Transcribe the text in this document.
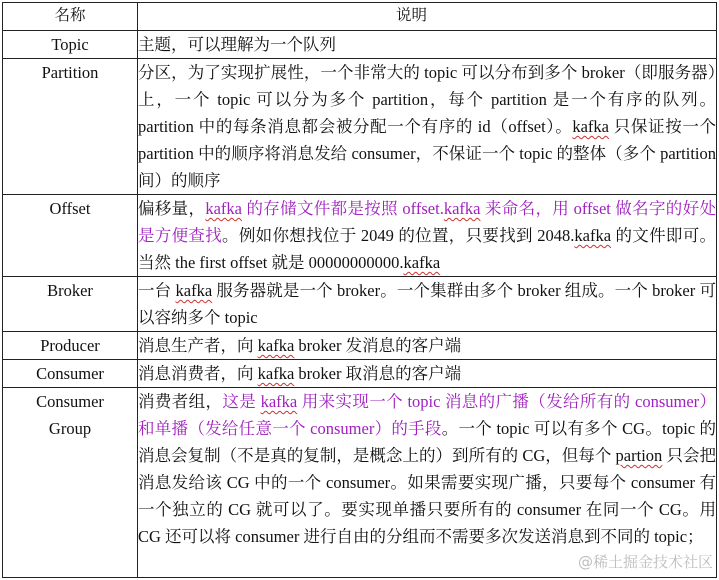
名称	说明

Topic	主题，可以理解为一个队列

Partition	分区，为了实现扩展性，一个非常大的 topic 可以分布到多个 broker（即服务器）上，一个 topic 可以分为多个 partition，每个 partition 是一个有序的队列。partition 中的每条消息都会被分配一个有序的 id（offset）。kafka 只保证按一个 partition 中的顺序将消息发给 consumer，不保证一个 topic 的整体（多个 partition 间）的顺序

Offset	偏移量，kafka 的存储文件都是按照 offset.kafka 来命名，用 offset 做名字的好处是方便查找。例如你想找位于 2049 的位置，只要找到 2048.kafka 的文件即可。当然 the first offset 就是 00000000000.kafka

Broker	一台 kafka 服务器就是一个 broker。一个集群由多个 broker 组成。一个 broker 可以容纳多个 topic

Producer	消息生产者，向 kafka broker 发消息的客户端

Consumer	消息消费者，向 kafka broker 取消息的客户端

Consumer
Group	消费者组，这是 kafka 用来实现一个 topic 消息的广播（发给所有的 consumer）和单播（发给任意一个 consumer）的手段。一个 topic 可以有多个 CG。topic 的消息会复制（不是真的复制，是概念上的）到所有的 CG，但每个 partion 只会把消息发给该 CG 中的一个 consumer。如果需要实现广播，只要每个 consumer 有一个独立的 CG 就可以了。要实现单播只要所有的 consumer 在同一个 CG。用 CG 还可以将 consumer 进行自由的分组而不需要多次发送消息到不同的 topic；
@稀土掘金技术社区
